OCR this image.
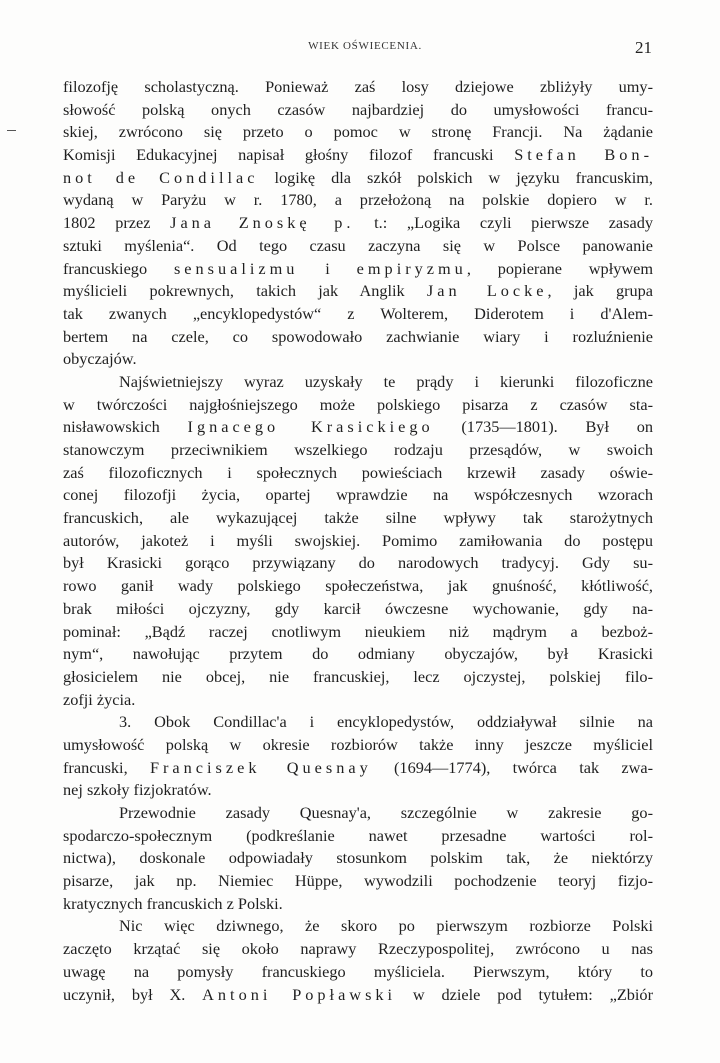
WIEK OŚWIECENIA.	21
filozofję scholastyczną. Ponieważ zaś losy dziejowe zbliżyły umy-
słowość polską onych czasów najbardziej do umysłowości francu-
skiej, zwrócono się przeto o pomoc w stronę Francji. Na żądanie
Komisji Edukacyjnej napisał głośny filozof francuski Stefan Bon-
not de Condillac logikę dla szkół polskich w języku francuskim,
wydaną w Paryżu w r. 1780, a przełożoną na polskie dopiero w r.
1802 przez Jana Znoskę p. t.: „Logika czyli pierwsze zasady
sztuki myślenia“. Od tego czasu zaczyna się w Polsce panowanie
francuskiego sensualizmu i empiryzmu, popierane wpływem
myślicieli pokrewnych, takich jak Anglik Jan Locke, jak grupa
tak zwanych „encyklopedystów“ z Wolterem, Diderotem i d'Alem-
bertem na czele, co spowodowało zachwianie wiary i rozluźnienie
obyczajów.
Najświetniejszy wyraz uzyskały te prądy i kierunki filozoficzne
w twórczości najgłośniejszego może polskiego pisarza z czasów sta-
nisławowskich Ignacego Krasickiego (1735—1801). Był on
stanowczym przeciwnikiem wszelkiego rodzaju przesądów, w swoich
zaś filozoficznych i społecznych powieściach krzewił zasady oświe-
conej filozofji życia, opartej wprawdzie na współczesnych wzorach
francuskich, ale wykazującej także silne wpływy tak starożytnych
autorów, jakoteż i myśli swojskiej. Pomimo zamiłowania do postępu
był Krasicki gorąco przywiązany do narodowych tradycyj. Gdy su-
rowo ganił wady polskiego społeczeństwa, jak gnuśność, kłótliwość,
brak miłości ojczyzny, gdy karcił ówczesne wychowanie, gdy na-
pominał: „Bądź raczej cnotliwym nieukiem niż mądrym a bezboż-
nym“, nawołując przytem do odmiany obyczajów, był Krasicki
głosicielem nie obcej, nie francuskiej, lecz ojczystej, polskiej filo-
zofji życia.
3. Obok Condillac'a i encyklopedystów, oddziaływał silnie na
umysłowość polską w okresie rozbiorów także inny jeszcze myśliciel
francuski, Franciszek Quesnay (1694—1774), twórca tak zwa-
nej szkoły fizjokratów.
Przewodnie zasady Quesnay'a, szczególnie w zakresie go-
spodarczo-społecznym (podkreślanie nawet przesadne wartości rol-
nictwa), doskonale odpowiadały stosunkom polskim tak, że niektórzy
pisarze, jak np. Niemiec Hüppe, wywodzili pochodzenie teoryj fizjo-
kratycznych francuskich z Polski.
Nic więc dziwnego, że skoro po pierwszym rozbiorze Polski
zaczęto krzątać się około naprawy Rzeczypospolitej, zwrócono u nas
uwagę na pomysły francuskiego myśliciela. Pierwszym, który to
uczynił, był X. Antoni Popławski w dziele pod tytułem: „Zbiór
